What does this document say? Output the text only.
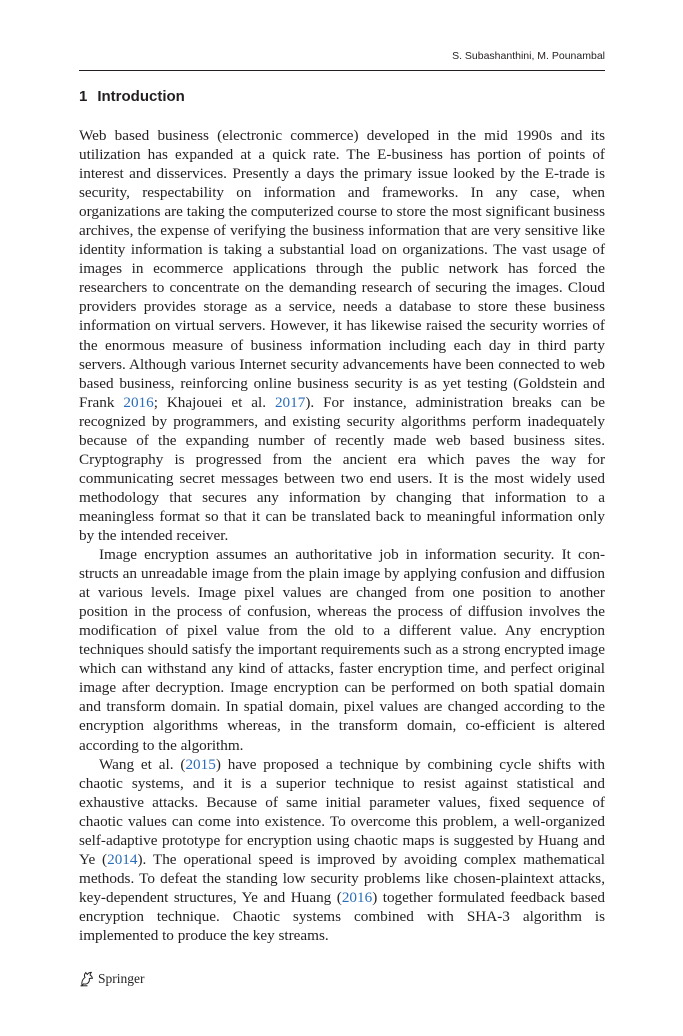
S. Subashanthini, M. Pounambal
1 Introduction

Web based business (electronic commerce) developed in the mid 1990s and its utilization has expanded at a quick rate. The E-business has portion of points of interest and disservices. Presently a days the primary issue looked by the E-trade is security, respectability on information and frameworks. In any case, when organizations are taking the computerized course to store the most significant business archives, the expense of verifying the business information that are very sensitive like identity information is taking a substantial load on organizations. The vast usage of images in ecommerce applications through the public network has forced the researchers to concentrate on the demanding research of securing the images. Cloud providers provides storage as a service, needs a database to store these business information on virtual servers. However, it has likewise raised the security worries of the enormous measure of business information including each day in third party servers. Although various Internet security advancements have been connected to web based business, reinforcing online business security is as yet testing (Goldstein and Frank 2016; Khajouei et al. 2017). For instance, administration breaks can be recognized by programmers, and existing security algorithms perform inadequately because of the expanding number of recently made web based business sites. Cryptography is progressed from the ancient era which paves the way for communicating secret messages between two end users. It is the most widely used methodology that secures any information by changing that information to a meaningless format so that it can be translated back to meaningful information only by the intended receiver.

Image encryption assumes an authoritative job in information security. It constructs an unreadable image from the plain image by applying confusion and diffusion at various levels. Image pixel values are changed from one position to another position in the process of confusion, whereas the process of diffusion involves the modification of pixel value from the old to a different value. Any encryption techniques should satisfy the important requirements such as a strong encrypted image which can withstand any kind of attacks, faster encryption time, and perfect original image after decryption. Image encryption can be performed on both spatial domain and transform domain. In spatial domain, pixel values are changed according to the encryption algorithms whereas, in the transform domain, co-efficient is altered according to the algorithm.

Wang et al. (2015) have proposed a technique by combining cycle shifts with chaotic systems, and it is a superior technique to resist against statistical and exhaustive attacks. Because of same initial parameter values, fixed sequence of chaotic values can come into existence. To overcome this problem, a well-organized self-adaptive prototype for encryption using chaotic maps is suggested by Huang and Ye (2014). The operational speed is improved by avoiding complex mathematical methods. To defeat the standing low security problems like chosen-plaintext attacks, key-dependent structures, Ye and Huang (2016) together formulated feedback based encryption technique. Chaotic systems combined with SHA-3 algorithm is implemented to produce the key streams.

Springer
